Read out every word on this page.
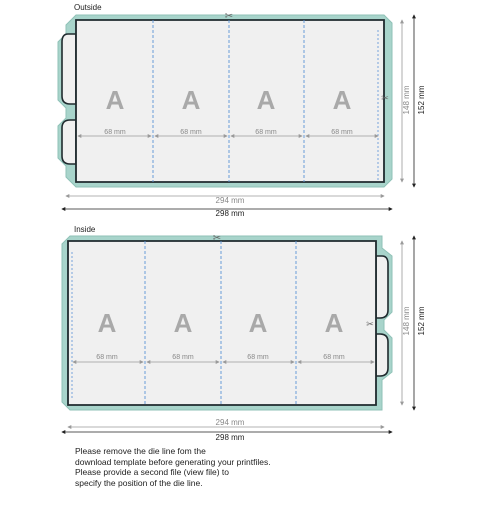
Outside
✂
✂
A A A A
68 mm	68 mm	68 mm	68 mm
294 mm
298 mm
148 mm 152 mm
Inside
✂
✂
A A A A
68 mm	68 mm	68 mm	68 mm
294 mm
298 mm
148 mm 152 mm
Please remove the die line fom the
download template before generating your printfiles.
Please provide a second file (view file) to
specify the position of the die line.
